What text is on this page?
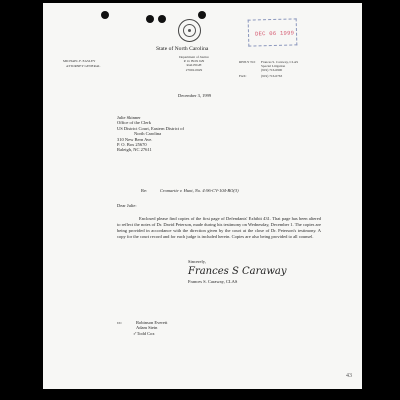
MICHAEL F. EASLEY
ATTORNEY GENERAL
State of North Carolina
Department of Justice
P. O. BOX 629
RALEIGH
27602-0629
REPLY TO: Frances S. Caraway, CLAS
Special Litigation
(919) 716-6900
FAX:	(919) 716-6763
DEC 06 1999
December 3, 1999
Julie Skinner
Office of the Clerk
US District Court, Eastern District of
North Carolina
310 New Bern Ave.
P. O. Box 25670
Raleigh, NC 27611
Re:	Cromartie v. Hunt, No. 4:96-CV-104-BO(3)
Dear Julie:
Enclosed please find copies of the first page of Defendants' Exhibit 431. That page has been altered to reflect the notes of Dr. David Peterson, made during his testimony on Wednesday, December 1. The copies are being provided in accordance with the direction given by the court at the close of Dr. Peterson's testimony. A copy for the court record and for each judge is included herein. Copies are also being provided to all counsel.
Sincerely,
Frances S Caraway
Frances S. Caraway, CLAS
cc:	Robinson Everett
Adam Stein
✓Todd Cox
43
